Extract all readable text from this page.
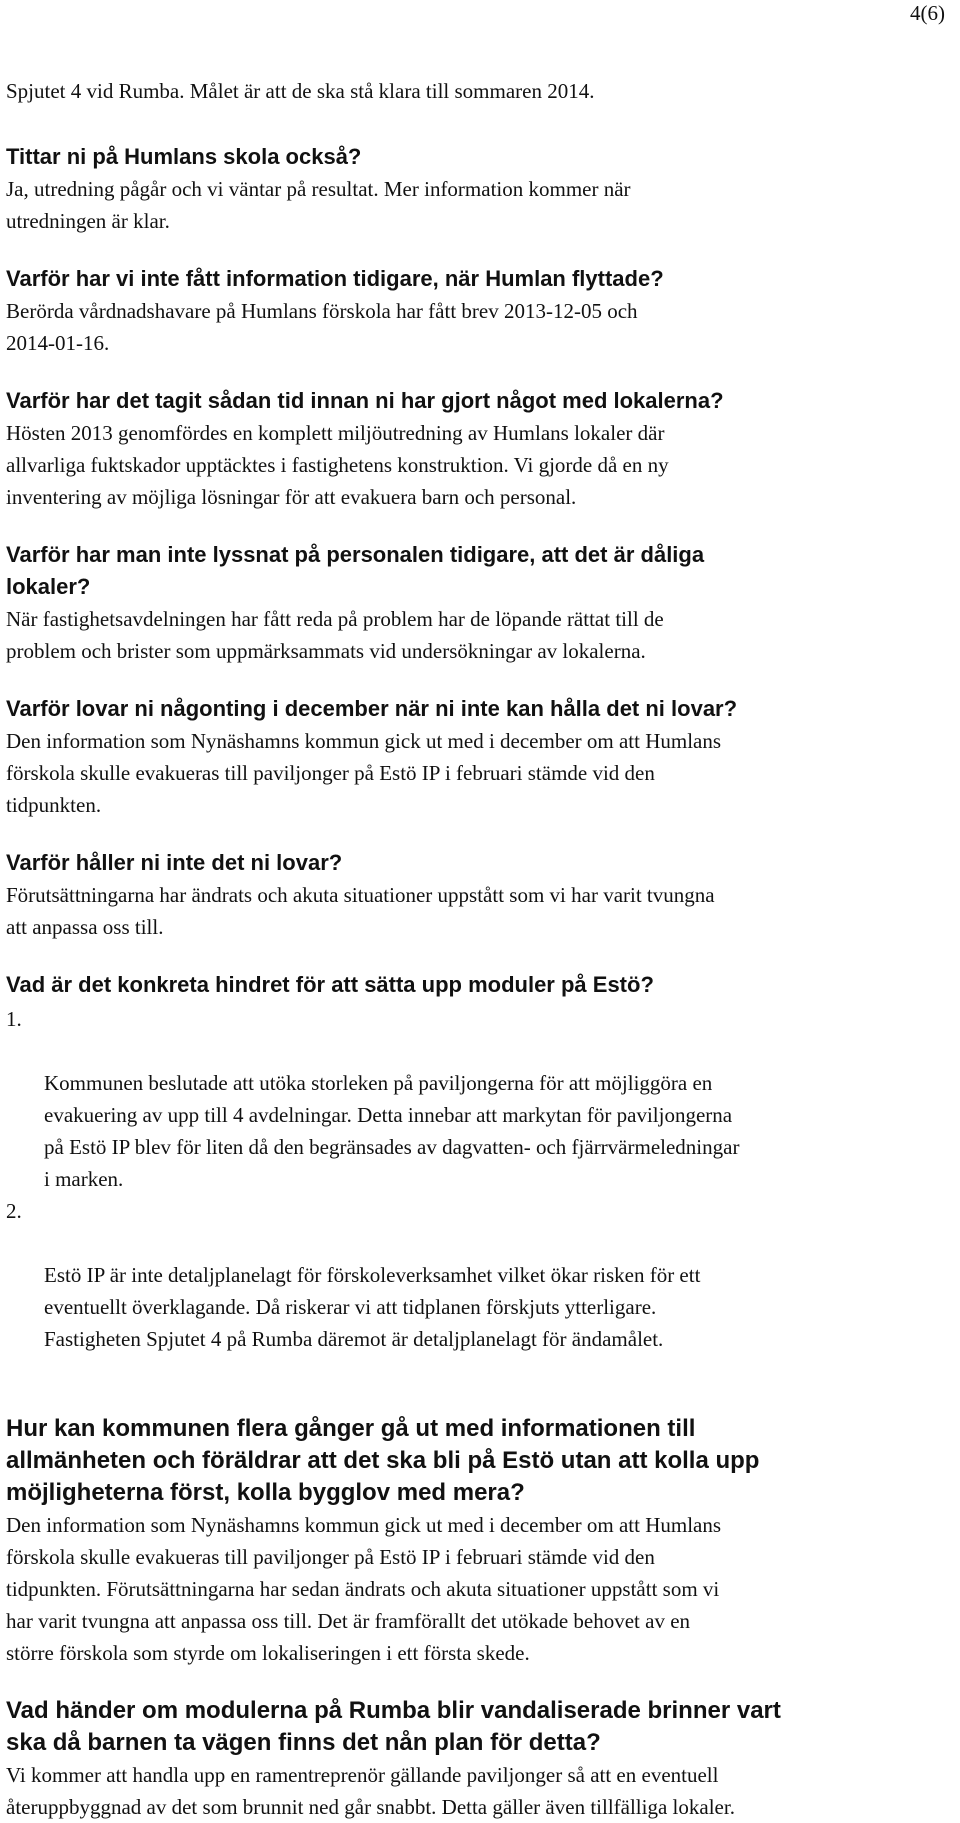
4(6)

Spjutet 4 vid Rumba. Målet är att de ska stå klara till sommaren 2014.

Tittar ni på Humlans skola också?

Ja, utredning pågår och vi väntar på resultat. Mer information kommer när
utredningen är klar.

Varför har vi inte fått information tidigare, när Humlan flyttade?

Berörda vårdnadshavare på Humlans förskola har fått brev 2013-12-05 och
2014-01-16.

Varför har det tagit sådan tid innan ni har gjort något med lokalerna?

Hösten 2013 genomfördes en komplett miljöutredning av Humlans lokaler där
allvarliga fuktskador upptäcktes i fastighetens konstruktion. Vi gjorde då en ny
inventering av möjliga lösningar för att evakuera barn och personal.

Varför har man inte lyssnat på personalen tidigare, att det är dåliga
lokaler?

När fastighetsavdelningen har fått reda på problem har de löpande rättat till de
problem och brister som uppmärksammats vid undersökningar av lokalerna.

Varför lovar ni någonting i december när ni inte kan hålla det ni lovar?

Den information som Nynäshamns kommun gick ut med i december om att Humlans
förskola skulle evakueras till paviljonger på Estö IP i februari stämde vid den
tidpunkten.

Varför håller ni inte det ni lovar?

Förutsättningarna har ändrats och akuta situationer uppstått som vi har varit tvungna
att anpassa oss till.

Vad är det konkreta hindret för att sätta upp moduler på Estö?

1.

Kommunen beslutade att utöka storleken på paviljongerna för att möjliggöra en
evakuering av upp till 4 avdelningar. Detta innebar att markytan för paviljongerna
på Estö IP blev för liten då den begränsades av dagvatten- och fjärrvärmeledningar
i marken.

2.

Estö IP är inte detaljplanelagt för förskoleverksamhet vilket ökar risken för ett
eventuellt överklagande. Då riskerar vi att tidplanen förskjuts ytterligare.
Fastigheten Spjutet 4 på Rumba däremot är detaljplanelagt för ändamålet.

Hur kan kommunen flera gånger gå ut med informationen till
allmänheten och föräldrar att det ska bli på Estö utan att kolla upp
möjligheterna först, kolla bygglov med mera?

Den information som Nynäshamns kommun gick ut med i december om att Humlans
förskola skulle evakueras till paviljonger på Estö IP i februari stämde vid den
tidpunkten. Förutsättningarna har sedan ändrats och akuta situationer uppstått som vi
har varit tvungna att anpassa oss till. Det är framförallt det utökade behovet av en
större förskola som styrde om lokaliseringen i ett första skede.

Vad händer om modulerna på Rumba blir vandaliserade brinner vart
ska då barnen ta vägen finns det nån plan för detta?

Vi kommer att handla upp en ramentreprenör gällande paviljonger så att en eventuell
återuppbyggnad av det som brunnit ned går snabbt. Detta gäller även tillfälliga lokaler.
